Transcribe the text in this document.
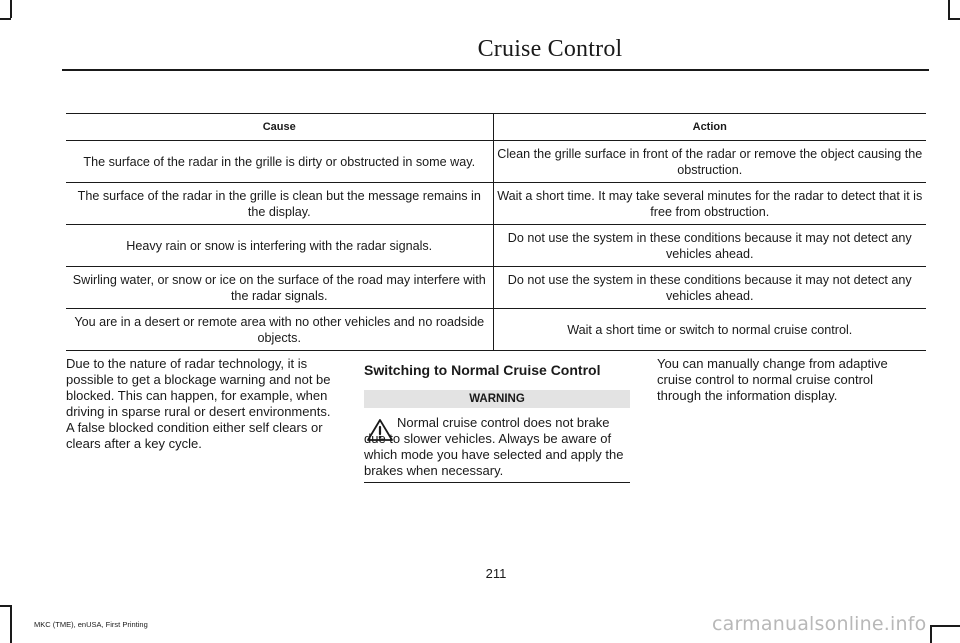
Cruise Control
Cause	Action
The surface of the radar in the grille is dirty or obstructed in some way.	Clean the grille surface in front of the radar or remove the object causing the obstruction.
The surface of the radar in the grille is clean but the message remains in the display.	Wait a short time. It may take several minutes for the radar to detect that it is free from obstruction.
Heavy rain or snow is interfering with the radar signals.	Do not use the system in these conditions because it may not detect any vehicles ahead.
Swirling water, or snow or ice on the surface of the road may interfere with the radar signals.	Do not use the system in these conditions because it may not detect any vehicles ahead.
You are in a desert or remote area with no other vehicles and no roadside objects.	Wait a short time or switch to normal cruise control.
Due to the nature of radar technology, it is possible to get a blockage warning and not be blocked. This can happen, for example, when driving in sparse rural or desert environments. A false blocked condition either self clears or clears after a key cycle.
Switching to Normal Cruise Control
WARNING
Normal cruise control does not brake due to slower vehicles. Always be aware of which mode you have selected and apply the brakes when necessary.
You can manually change from adaptive cruise control to normal cruise control through the information display.
211
MKC (TME), enUSA, First Printing	carmanualsonline.info
